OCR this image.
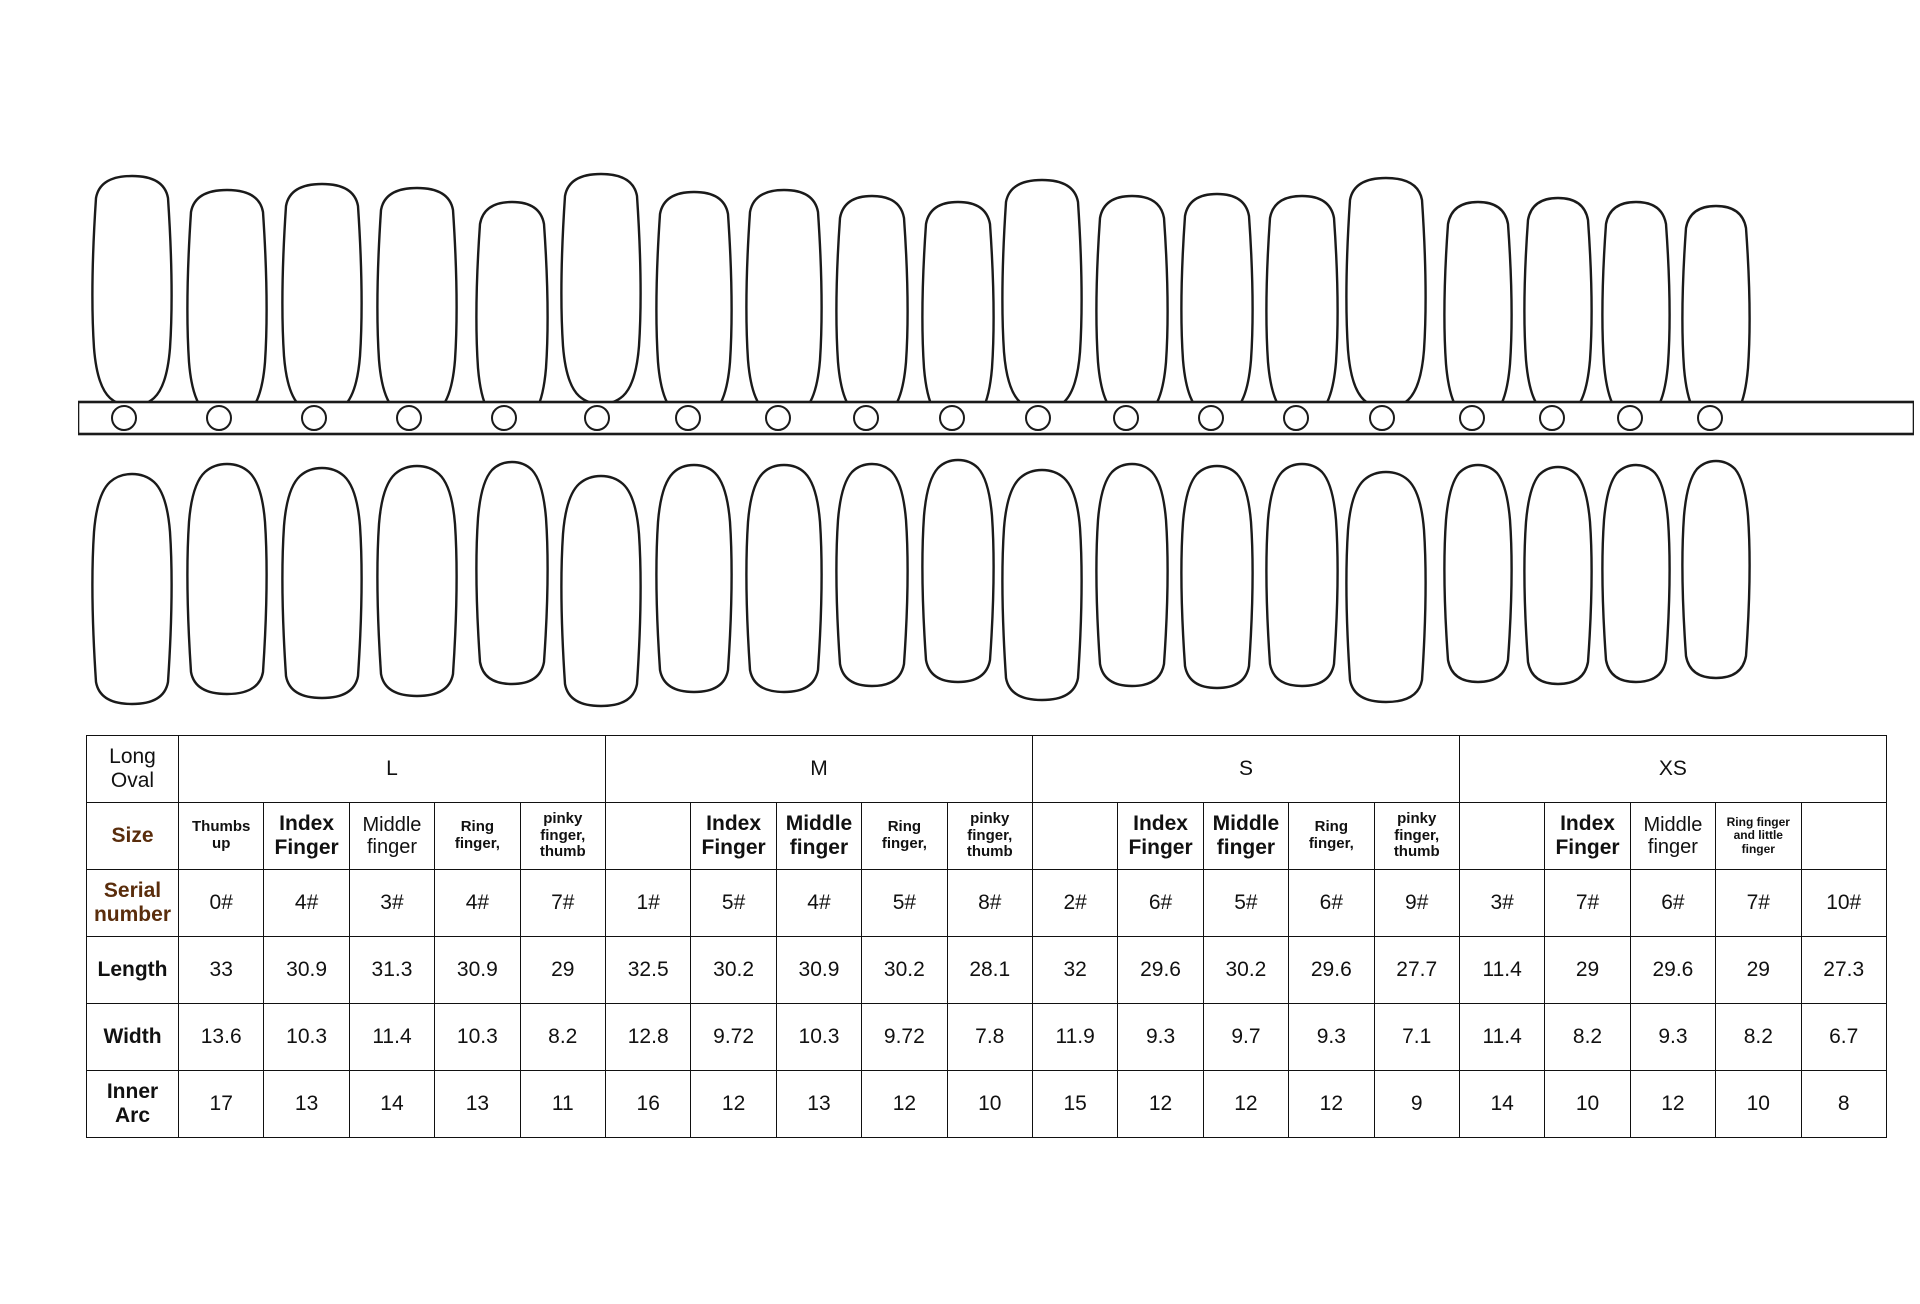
Long Oval	L					M					S					XS				
Size	Thumbs up	Index Finger	Middle finger	Ring finger,	pinky finger, thumb		Index Finger	Middle finger	Ring finger,	pinky finger, thumb		Index Finger	Middle finger	Ring finger,	pinky finger, thumb		Index Finger	Middle finger	Ring finger and little finger	
Serial number	0#	4#	3#	4#	7#	1#	5#	4#	5#	8#	2#	6#	5#	6#	9#	3#	7#	6#	7#	10#
Length	33	30.9	31.3	30.9	29	32.5	30.2	30.9	30.2	28.1	32	29.6	30.2	29.6	27.7	11.4	29	29.6	29	27.3
Width	13.6	10.3	11.4	10.3	8.2	12.8	9.72	10.3	9.72	7.8	11.9	9.3	9.7	9.3	7.1	11.4	8.2	9.3	8.2	6.7
Inner Arc	17	13	14	13	11	16	12	13	12	10	15	12	12	12	9	14	10	12	10	8
